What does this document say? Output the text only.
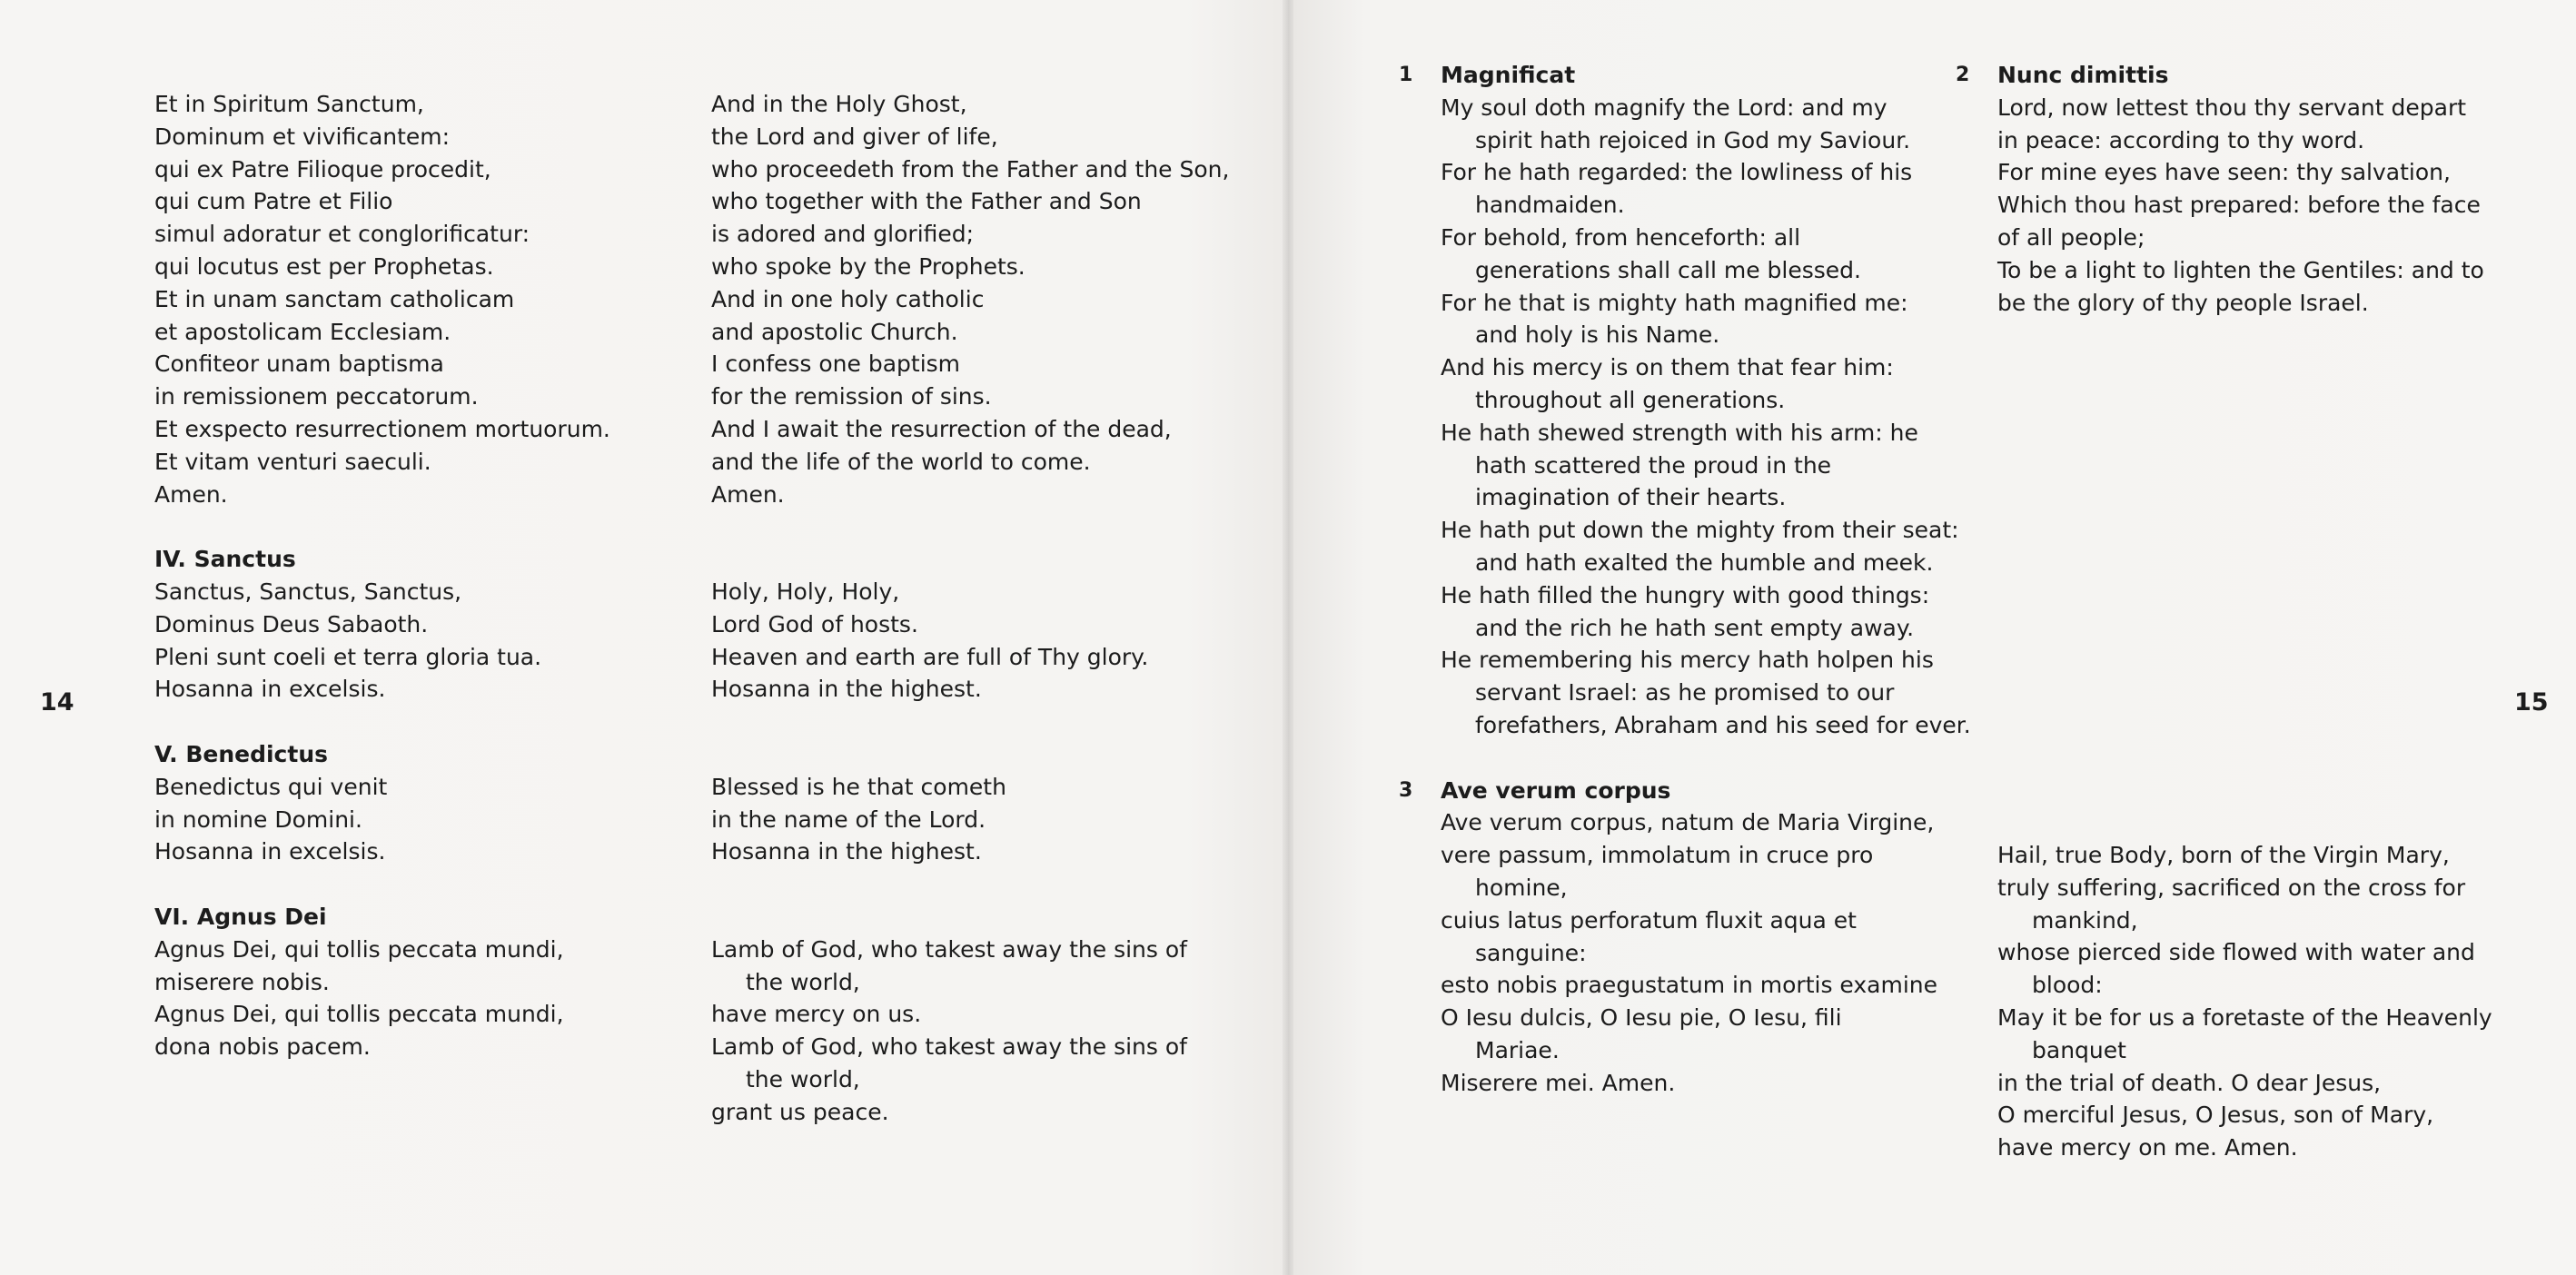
14	15
Et in Spiritum Sanctum,
Dominum et vivificantem:
qui ex Patre Filioque procedit,
qui cum Patre et Filio
simul adoratur et conglorificatur:
qui locutus est per Prophetas.
Et in unam sanctam catholicam
et apostolicam Ecclesiam.
Confiteor unam baptisma
in remissionem peccatorum.
Et exspecto resurrectionem mortuorum.
Et vitam venturi saeculi.
Amen.
IV. Sanctus
Sanctus, Sanctus, Sanctus,
Dominus Deus Sabaoth.
Pleni sunt coeli et terra gloria tua.
Hosanna in excelsis.
V. Benedictus
Benedictus qui venit
in nomine Domini.
Hosanna in excelsis.
VI. Agnus Dei
Agnus Dei, qui tollis peccata mundi,
miserere nobis.
Agnus Dei, qui tollis peccata mundi,
dona nobis pacem.
And in the Holy Ghost,
the Lord and giver of life,
who proceedeth from the Father and the Son,
who together with the Father and Son
is adored and glorified;
who spoke by the Prophets.
And in one holy catholic
and apostolic Church.
I confess one baptism
for the remission of sins.
And I await the resurrection of the dead,
and the life of the world to come.
Amen.
Holy, Holy, Holy,
Lord God of hosts.
Heaven and earth are full of Thy glory.
Hosanna in the highest.
Blessed is he that cometh
in the name of the Lord.
Hosanna in the highest.
Lamb of God, who takest away the sins of
the world,
have mercy on us.
Lamb of God, who takest away the sins of
the world,
grant us peace.
1
3
2
Magnificat
My soul doth magnify the Lord: and my
spirit hath rejoiced in God my Saviour.
For he hath regarded: the lowliness of his
handmaiden.
For behold, from henceforth: all
generations shall call me blessed.
For he that is mighty hath magnified me:
and holy is his Name.
And his mercy is on them that fear him:
throughout all generations.
He hath shewed strength with his arm: he
hath scattered the proud in the
imagination of their hearts.
He hath put down the mighty from their seat:
and hath exalted the humble and meek.
He hath filled the hungry with good things:
and the rich he hath sent empty away.
He remembering his mercy hath holpen his
servant Israel: as he promised to our
forefathers, Abraham and his seed for ever.
Ave verum corpus
Ave verum corpus, natum de Maria Virgine,
vere passum, immolatum in cruce pro
homine,
cuius latus perforatum fluxit aqua et
sanguine:
esto nobis praegustatum in mortis examine
O Iesu dulcis, O Iesu pie, O Iesu, fili
Mariae.
Miserere mei. Amen.
Nunc dimittis
Lord, now lettest thou thy servant depart
in peace: according to thy word.
For mine eyes have seen: thy salvation,
Which thou hast prepared: before the face
of all people;
To be a light to lighten the Gentiles: and to
be the glory of thy people Israel.
Hail, true Body, born of the Virgin Mary,
truly suffering, sacrificed on the cross for
mankind,
whose pierced side flowed with water and
blood:
May it be for us a foretaste of the Heavenly
banquet
in the trial of death. O dear Jesus,
O merciful Jesus, O Jesus, son of Mary,
have mercy on me. Amen.
